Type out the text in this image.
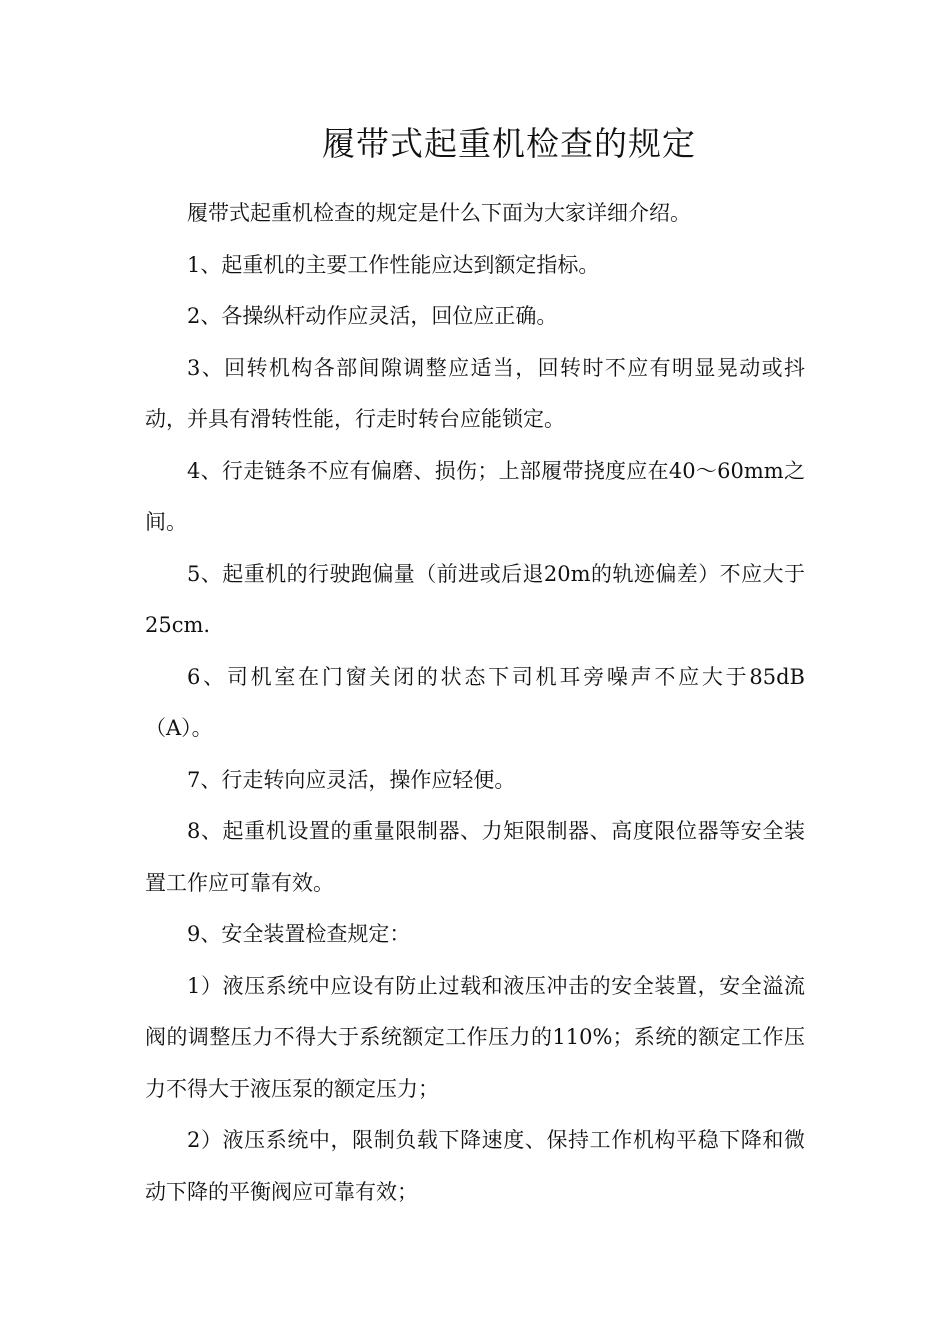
履带式起重机检查的规定

履带式起重机检查的规定是什么下面为大家详细介绍。

1、起重机的主要工作性能应达到额定指标。

2、各操纵杆动作应灵活，回位应正确。

3、回转机构各部间隙调整应适当，回转时不应有明显晃动或抖动，并具有滑转性能，行走时转台应能锁定。

4、行走链条不应有偏磨、损伤；上部履带挠度应在40～60mm之间。

5、起重机的行驶跑偏量（前进或后退20m的轨迹偏差）不应大于25cm.

6、司机室在门窗关闭的状态下司机耳旁噪声不应大于85dB（A）。

7、行走转向应灵活，操作应轻便。

8、起重机设置的重量限制器、力矩限制器、高度限位器等安全装置工作应可靠有效。

9、安全装置检查规定：

1）液压系统中应设有防止过载和液压冲击的安全装置，安全溢流阀的调整压力不得大于系统额定工作压力的110%；系统的额定工作压力不得大于液压泵的额定压力；

2）液压系统中，限制负载下降速度、保持工作机构平稳下降和微动下降的平衡阀应可靠有效；
